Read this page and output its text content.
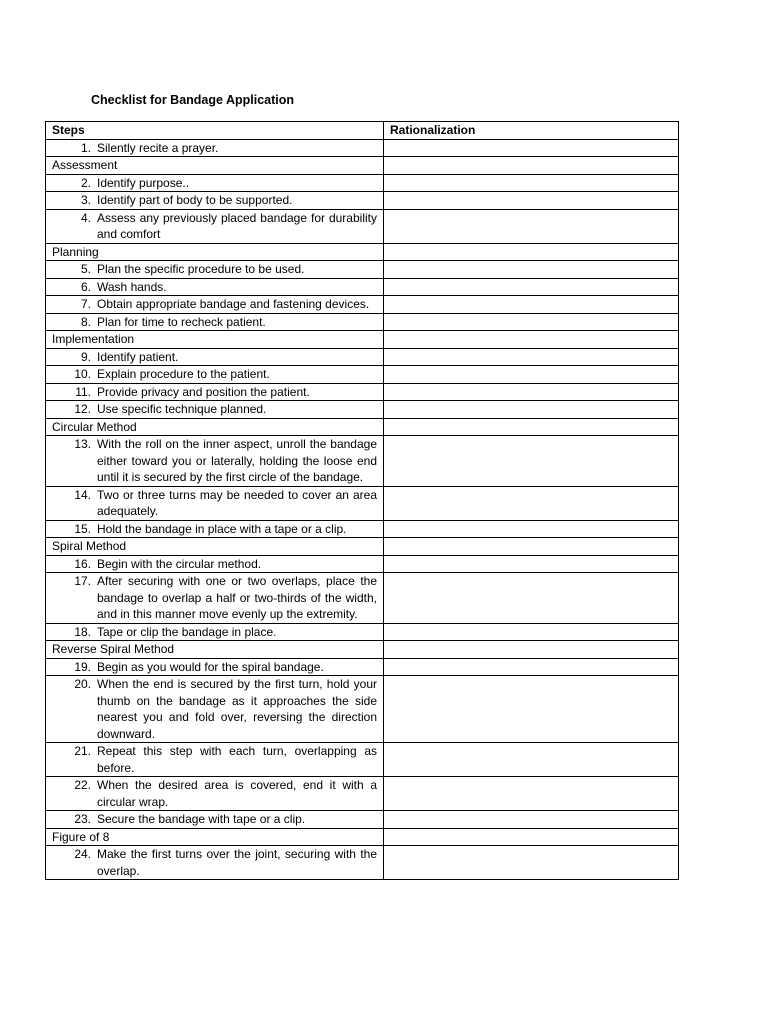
Checklist for Bandage Application
Steps	Rationalization

1. Silently recite a prayer.	

Assessment	

2. Identify purpose..	

3. Identify part of body to be supported.	

4. Assess any previously placed bandage for durability and comfort	

Planning	

5. Plan the specific procedure to be used.	

6. Wash hands.	

7. Obtain appropriate bandage and fastening devices.	

8. Plan for time to recheck patient.	

Implementation	

9. Identify patient.	

10. Explain procedure to the patient.	

11. Provide privacy and position the patient.	

12. Use specific technique planned.	

Circular Method	

13. With the roll on the inner aspect, unroll the bandage either toward you or laterally, holding the loose end until it is secured by the first circle of the bandage.	

14. Two or three turns may be needed to cover an area adequately.	

15. Hold the bandage in place with a tape or a clip.	

Spiral Method	

16. Begin with the circular method.	

17. After securing with one or two overlaps, place the bandage to overlap a half or two-thirds of the width, and in this manner move evenly up the extremity.	

18. Tape or clip the bandage in place.	

Reverse Spiral Method	

19. Begin as you would for the spiral bandage.	

20. When the end is secured by the first turn, hold your thumb on the bandage as it approaches the side nearest you and fold over, reversing the direction downward.	

21. Repeat this step with each turn, overlapping as before.	

22. When the desired area is covered, end it with a circular wrap.	

23. Secure the bandage with tape or a clip.	

Figure of 8	

24. Make the first turns over the joint, securing with the overlap.	
